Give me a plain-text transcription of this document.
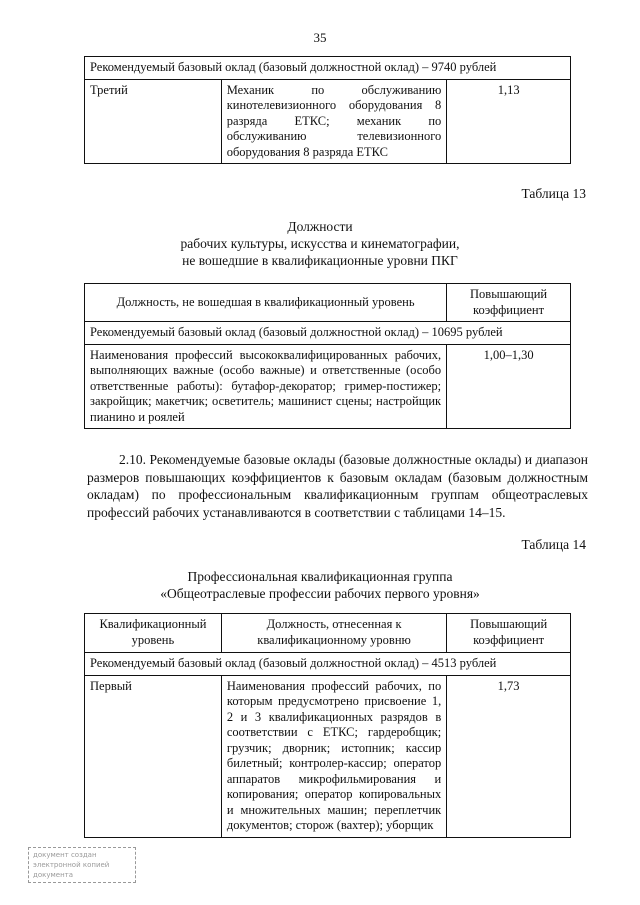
35
Рекомендуемый базовый оклад (базовый должностной оклад) – 9740 рублей
Третий	Механик по обслуживанию кинотелевизионного оборудования 8 разряда ЕТКС; механик по обслуживанию телевизионного оборудования 8 разряда ЕТКС	1,13
Таблица 13
Должности
рабочих культуры, искусства и кинематографии,
не вошедшие в квалификационные уровни ПКГ
Должность, не вошедшая в квалификационный уровень	Повышающий коэффициент
Рекомендуемый базовый оклад (базовый должностной оклад) – 10695 рублей	
Наименования профессий высококвалифицированных рабочих, выполняющих важные (особо важные) и ответственные (особо ответственные работы): бутафор-декоратор; гример-постижер; закройщик; макетчик; осветитель; машинист сцены; настройщик пианино и роялей	1,00–1,30
2.10. Рекомендуемые базовые оклады (базовые должностные оклады) и диапазон размеров повышающих коэффициентов к базовым окладам (базовым должностным окладам) по профессиональным квалификационным группам общеотраслевых профессий рабочих устанавливаются в соответствии с таблицами 14–15.
Таблица 14
Профессиональная квалификационная группа
«Общеотраслевые профессии рабочих первого уровня»
Квалификационный уровень	Должность, отнесенная к квалификационному уровню	Повышающий коэффициент
Рекомендуемый базовый оклад (базовый должностной оклад) – 4513 рублей		
Первый	Наименования профессий рабочих, по которым предусмотрено присвоение 1, 2 и 3 квалификационных разрядов в соответствии с ЕТКС; гардеробщик; грузчик; дворник; истопник; кассир билетный; контролер-кассир; оператор аппаратов микрофильмирования и копирования; оператор копировальных и множительных машин; переплетчик документов; сторож (вахтер); уборщик	1,73
документ создан
электронной копией
документа
